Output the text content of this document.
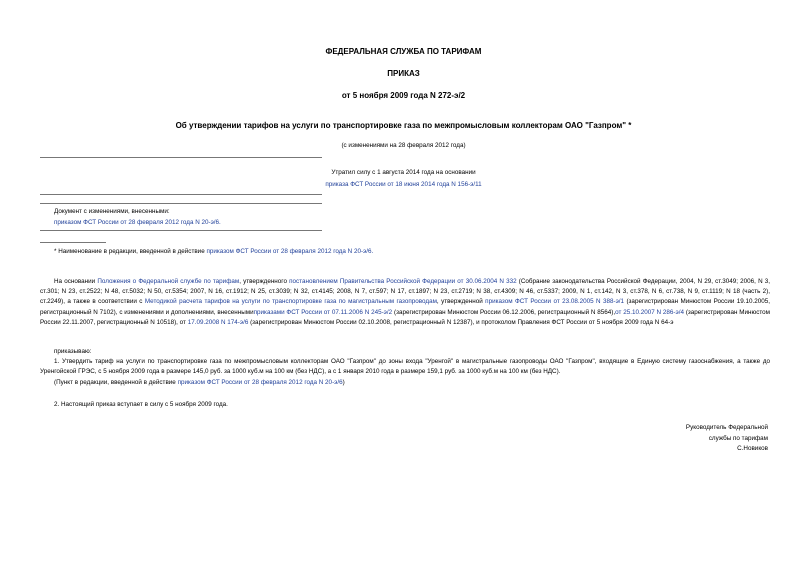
ФЕДЕРАЛЬНАЯ СЛУЖБА ПО ТАРИФАМ
ПРИКАЗ
от 5 ноября 2009 года N 272-э/2
Об утверждении тарифов на услуги по транспортировке газа по межпромысловым коллекторам ОАО "Газпром" *
(с изменениями на 28 февраля 2012 года)
Утратил силу с 1 августа 2014 года на основании
приказа ФСТ России от 18 июня 2014 года N 156-э/11
Документ с изменениями, внесенными:
приказом ФСТ России от 28 февраля 2012 года N 20-э/6.
* Наименование в редакции, введенной в действие приказом ФСТ России от 28 февраля 2012 года N 20-э/6.
На основании Положения о Федеральной службе по тарифам, утвержденного постановлением Правительства Российской Федерации от 30.06.2004 N 332 (Собрание законодательства Российской Федерации, 2004, N 29, ст.3049; 2006, N 3, ст.301; N 23, ст.2522; N 48, ст.5032; N 50, ст.5354; 2007, N 16, ст.1912; N 25, ст.3039; N 32, ст.4145; 2008, N 7, ст.597; N 17, ст.1897; N 23, ст.2719; N 38, ст.4309; N 46, ст.5337; 2009, N 1, ст.142, N 3, ст.378, N 6, ст.738, N 9, ст.1119; N 18 (часть 2), ст.2249), а также в соответствии с Методикой расчета тарифов на услуги по транспортировке газа по магистральным газопроводам, утвержденной приказом ФСТ России от 23.08.2005 N 388-э/1 (зарегистрирован Минюстом России 19.10.2005, регистрационный N 7102), с изменениями и дополнениями, внесеннымиприказами ФСТ России от 07.11.2006 N 245-э/2 (зарегистрирован Минюстом России 06.12.2006, регистрационный N 8564),от 25.10.2007 N 286-э/4 (зарегистрирован Минюстом России 22.11.2007, регистрационный N 10518), от 17.09.2008 N 174-э/6 (зарегистрирован Минюстом России 02.10.2008, регистрационный N 12387), и протоколом Правления ФСТ России от 5 ноября 2009 года N 64-э
приказываю:
1. Утвердить тариф на услуги по транспортировке газа по межпромысловым коллекторам ОАО "Газпром" до зоны входа "Уренгой" в магистральные газопроводы ОАО "Газпром", входящие в Единую систему газоснабжения, а также до Уренгойской ГРЭС, с 5 ноября 2009 года в размере 145,0 руб. за 1000 куб.м на 100 км (без НДС), а с 1 января 2010 года в размере 159,1 руб. за 1000 куб.м на 100 км (без НДС).
(Пункт в редакции, введенной в действие приказом ФСТ России от 28 февраля 2012 года N 20-э/6)
2. Настоящий приказ вступает в силу с 5 ноября 2009 года.
Руководитель Федеральной
службы по тарифам
С.Новиков
